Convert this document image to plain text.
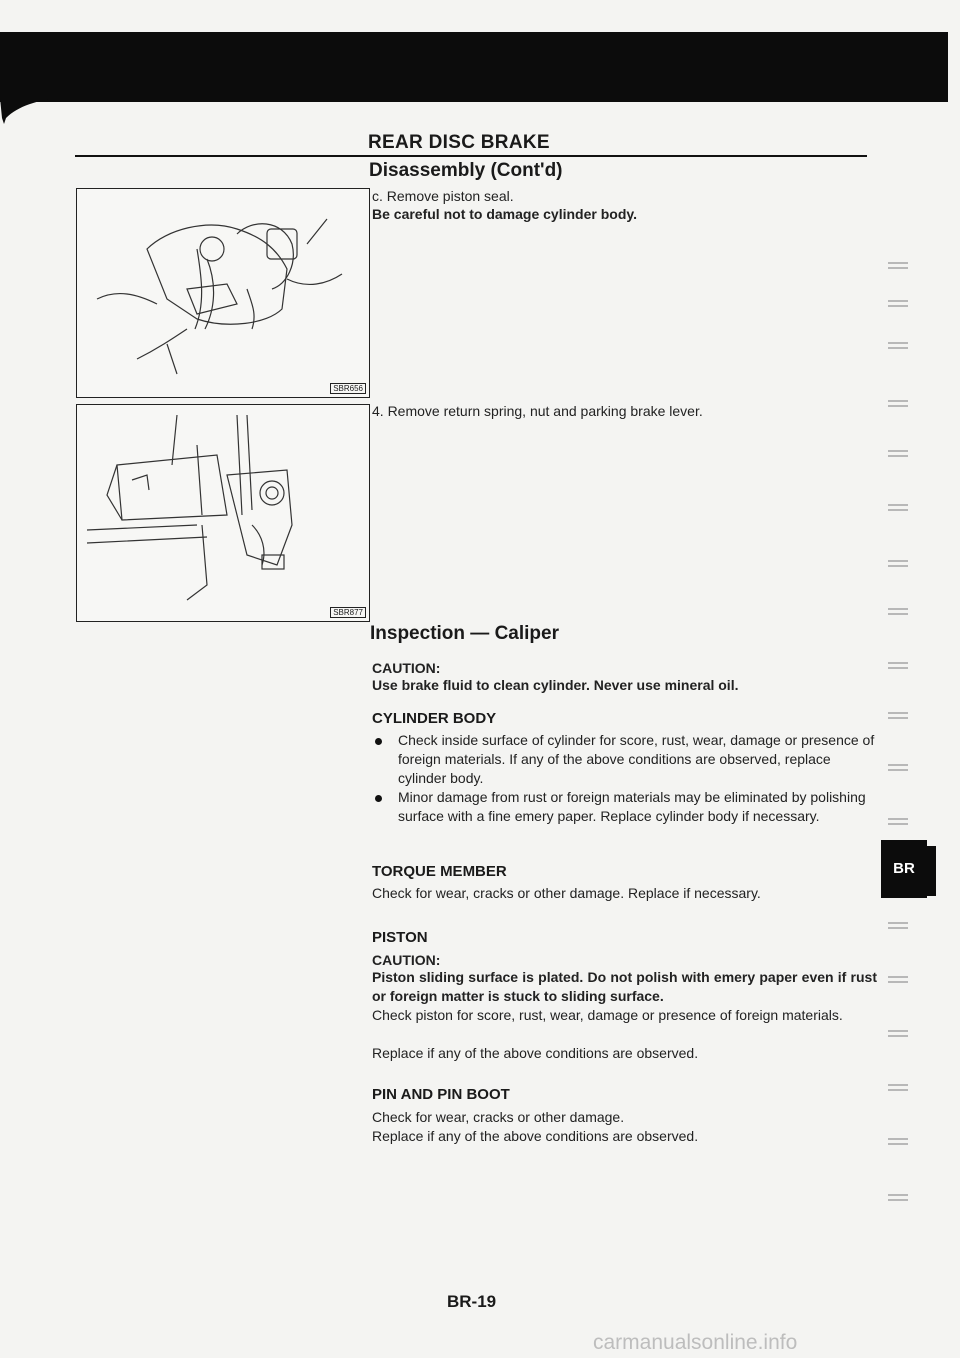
REAR DISC BRAKE
Disassembly (Cont'd)
c. Remove piston seal.
Be careful not to damage cylinder body.
SBR656
SBR877
4. Remove return spring, nut and parking brake lever.
Inspection — Caliper
CAUTION:
Use brake fluid to clean cylinder. Never use mineral oil.
CYLINDER BODY
Check inside surface of cylinder for score, rust, wear, damage or presence of foreign materials. If any of the above conditions are observed, replace cylinder body.
Minor damage from rust or foreign materials may be eliminated by polishing surface with a fine emery paper. Replace cylinder body if necessary.
TORQUE MEMBER
Check for wear, cracks or other damage. Replace if necessary.
BR
PISTON
CAUTION:
Piston sliding surface is plated. Do not polish with emery paper even if rust or foreign matter is stuck to sliding surface.
Check piston for score, rust, wear, damage or presence of foreign materials.
Replace if any of the above conditions are observed.
PIN AND PIN BOOT
Check for wear, cracks or other damage.
Replace if any of the above conditions are observed.
BR-19
carmanualsonline.info
